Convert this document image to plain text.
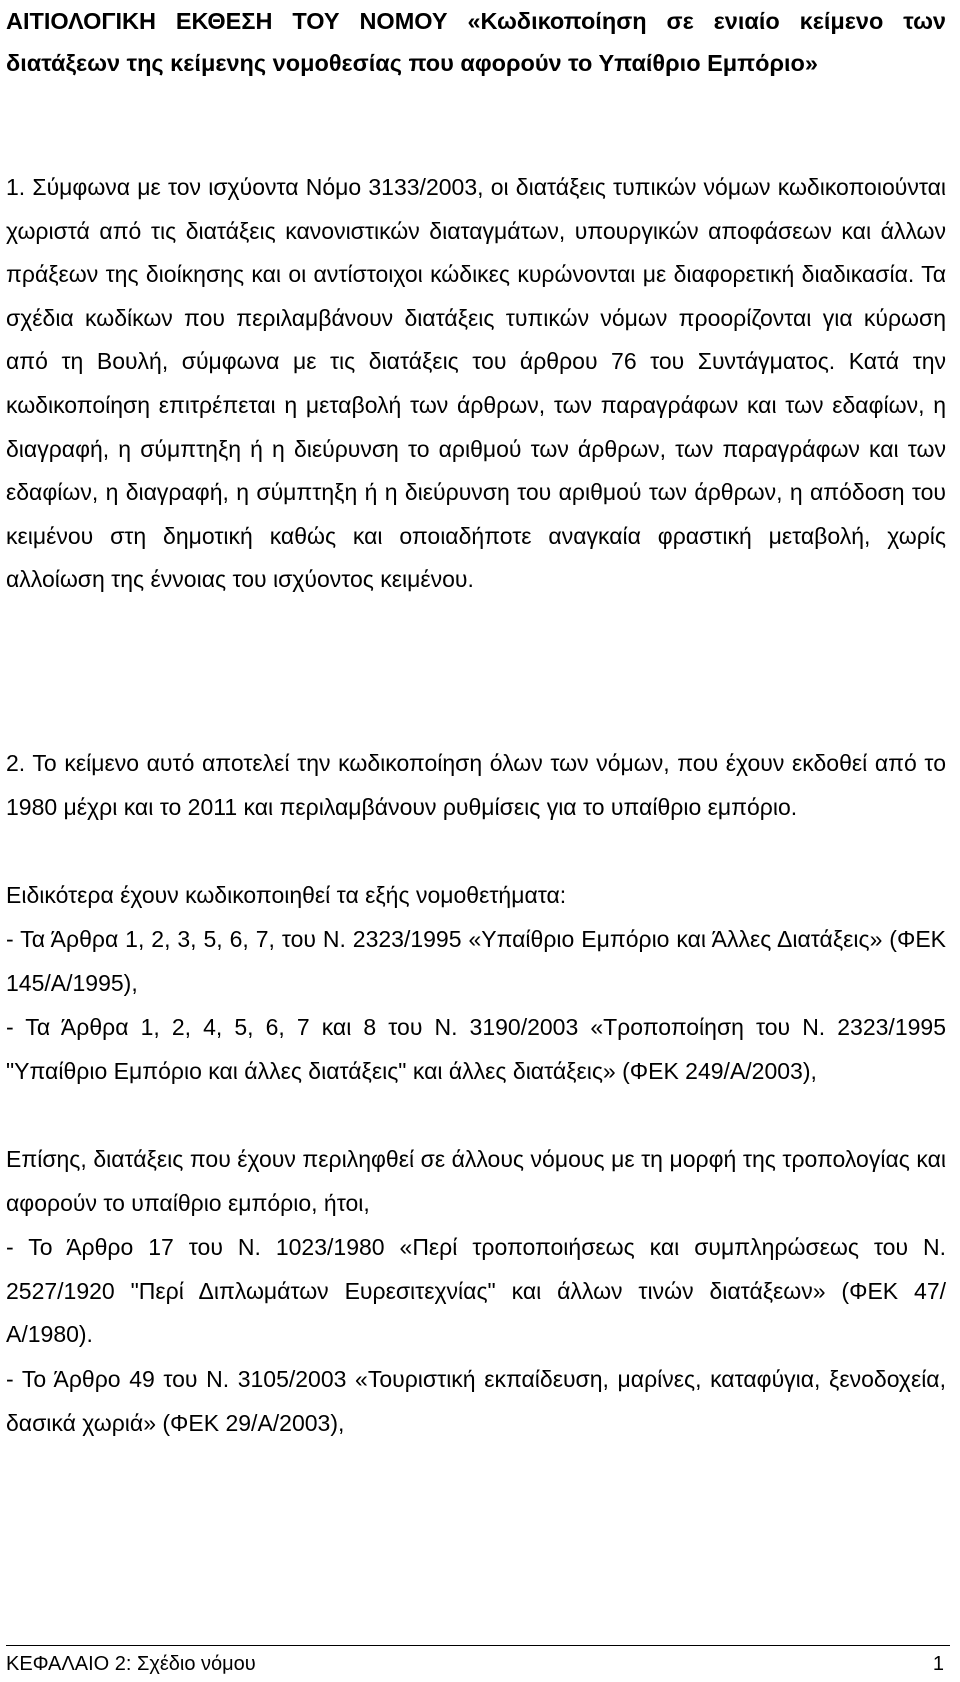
ΑΙΤΙΟΛΟΓΙΚΗ ΕΚΘΕΣΗ ΤΟΥ ΝΟΜΟΥ «Κωδικοποίηση σε ενιαίο κείμενο των διατάξεων της κείμενης νομοθεσίας που αφορούν το Υπαίθριο Εμπόριο»

1. Σύμφωνα με τον ισχύοντα Νόμο 3133/2003, οι διατάξεις τυπικών νόμων κωδικοποιούνται χωριστά από τις διατάξεις κανονιστικών διαταγμάτων, υπουργικών αποφάσεων και άλλων πράξεων της διοίκησης και οι αντίστοιχοι κώδικες κυρώνονται με διαφορετική διαδικασία. Τα σχέδια κωδίκων που περιλαμβάνουν διατάξεις τυπικών νόμων προορίζονται για κύρωση από τη Βουλή, σύμφωνα με τις διατάξεις του άρθρου 76 του Συντάγματος. Κατά την κωδικοποίηση επιτρέπεται η μεταβολή των άρθρων, των παραγράφων και των εδαφίων, η διαγραφή, η σύμπτηξη ή η διεύρυνση το αριθμού των άρθρων, των παραγράφων και των εδαφίων, η διαγραφή, η σύμπτηξη ή η διεύρυνση του αριθμού των άρθρων, η απόδοση του κειμένου στη δημοτική καθώς και οποιαδήποτε αναγκαία φραστική μεταβολή, χωρίς αλλοίωση της έννοιας του ισχύοντος κειμένου.

2. Το κείμενο αυτό αποτελεί την κωδικοποίηση όλων των νόμων, που έχουν εκδοθεί από το 1980 μέχρι και το 2011 και περιλαμβάνουν ρυθμίσεις για το υπαίθριο εμπόριο.

Ειδικότερα έχουν κωδικοποιηθεί τα εξής νομοθετήματα:

- Τα Άρθρα 1, 2, 3, 5, 6, 7, του Ν. 2323/1995 «Υπαίθριο Εμπόριο και Άλλες Διατάξεις» (ΦΕΚ 145/Α/1995),

- Τα Άρθρα 1, 2, 4, 5, 6, 7 και 8 του Ν. 3190/2003 «Τροποποίηση του Ν. 2323/1995 "Υπαίθριο Εμπόριο και άλλες διατάξεις" και άλλες διατάξεις» (ΦΕΚ 249/Α/2003),

Επίσης, διατάξεις που έχουν περιληφθεί σε άλλους νόμους με τη μορφή της τροπολογίας και αφορούν το υπαίθριο εμπόριο, ήτοι,

- Το Άρθρο 17 του Ν. 1023/1980 «Περί τροποποιήσεως και συμπληρώσεως του Ν. 2527/1920 "Περί Διπλωμάτων Ευρεσιτεχνίας" και άλλων τινών διατάξεων» (ΦΕΚ 47/Α/1980).

- Το Άρθρο 49 του Ν. 3105/2003 «Τουριστική εκπαίδευση, μαρίνες, καταφύγια, ξενοδοχεία, δασικά χωριά» (ΦΕΚ 29/Α/2003),

ΚΕΦΑΛΑΙΟ 2: Σχέδιο νόμου	1
